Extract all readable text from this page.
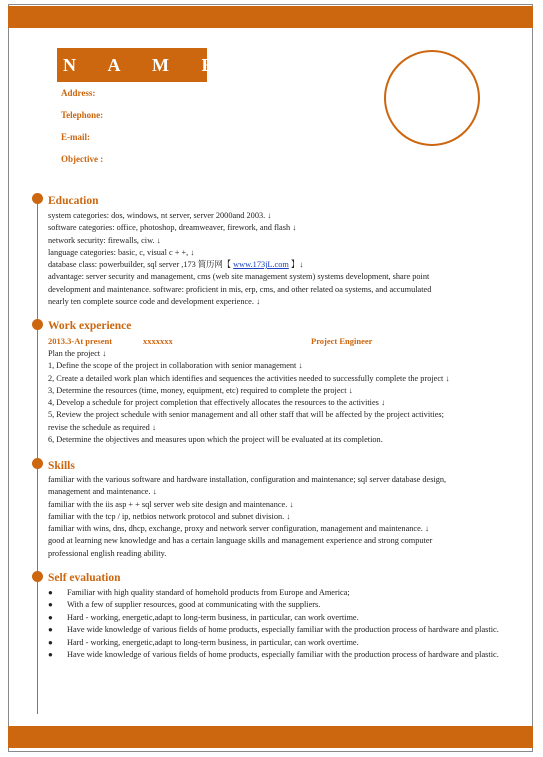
N A M E
Address:
Telephone:
E-mail:
Objective :
Education
system categories: dos, windows, nt server, server 2000and 2003. ↓
software categories: office, photoshop, dreamweaver, firework, and flash ↓
network security: firewalls, ciw. ↓
language categories: basic, c, visual c + +, ↓
database class: powerbuilder, sql server ,173 简历网【 www.173jL.com 】↓
advantage: server security and management, cms (web site management system) systems development, share point
development and maintenance. software: proficient in mis, erp, cms, and other related oa systems, and accumulated
nearly ten complete source code and development experience. ↓
Work experience
2013.3-At present	xxxxxxx	Project Engineer
Plan the project ↓
1, Define the scope of the project in collaboration with senior management ↓
2, Create a detailed work plan which identifies and sequences the activities needed to successfully complete the project ↓
3, Determine the resources (time, money, equipment, etc) required to complete the project ↓
4, Develop a schedule for project completion that effectively allocates the resources to the activities ↓
5, Review the project schedule with senior management and all other staff that will be affected by the project activities;
revise the schedule as required ↓
6, Determine the objectives and measures upon which the project will be evaluated at its completion.
Skills
familiar with the various software and hardware installation, configuration and maintenance; sql server database design,
management and maintenance. ↓
familiar with the iis asp + + sql server web site design and maintenance. ↓
familiar with the tcp / ip, netbios network protocol and subnet division. ↓
familiar with wins, dns, dhcp, exchange, proxy and network server configuration, management and maintenance. ↓
good at learning new knowledge and has a certain language skills and management experience and strong computer
professional english reading ability.
Self evaluation
● Familiar with high quality standard of homehold products from Europe and America;
● With a few of supplier resources, good at communicating with the suppliers.
● Hard - working, energetic,adapt to long-term business, in particular, can work overtime.
● Have wide knowledge of various fields of home products, especially familiar with the production process of hardware and plastic.
● Hard - working, energetic,adapt to long-term business, in particular, can work overtime.
● Have wide knowledge of various fields of home products, especially familiar with the production process of hardware and plastic.
